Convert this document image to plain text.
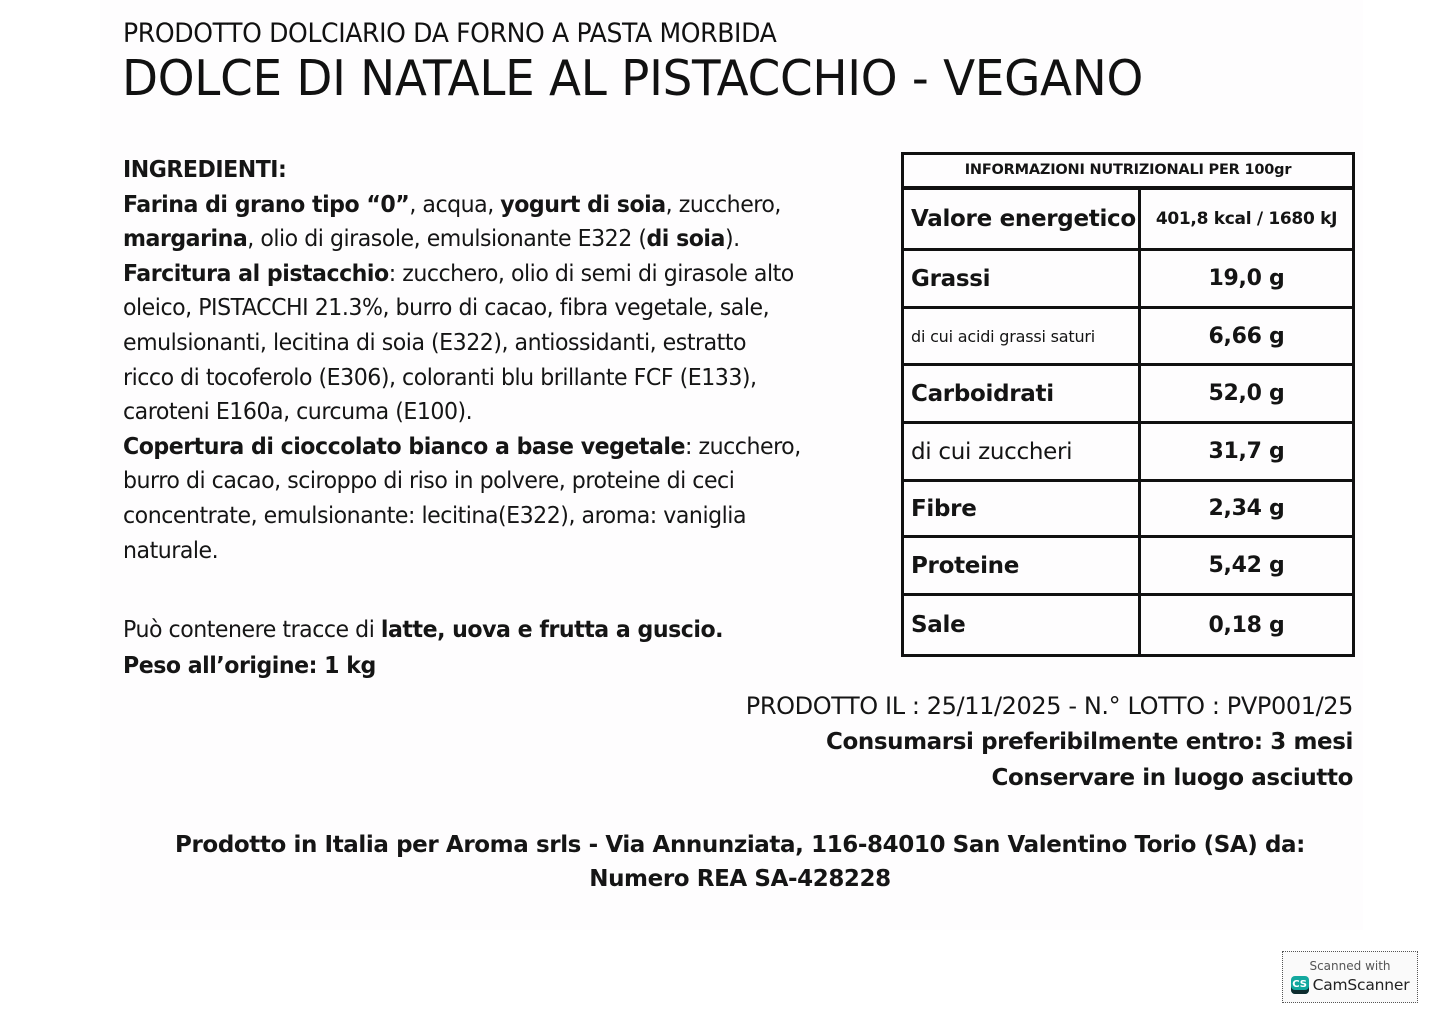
PRODOTTO DOLCIARIO DA FORNO A PASTA MORBIDA
DOLCE DI NATALE AL PISTACCHIO - VEGANO
INGREDIENTI:
Farina di grano tipo “0”, acqua, yogurt di soia, zucchero,
margarina, olio di girasole, emulsionante E322 (di soia).
Farcitura al pistacchio: zucchero, olio di semi di girasole alto
oleico, PISTACCHI 21.3%, burro di cacao, fibra vegetale, sale,
emulsionanti, lecitina di soia (E322), antiossidanti, estratto
ricco di tocoferolo (E306), coloranti blu brillante FCF (E133),
caroteni E160a, curcuma (E100).
Copertura di cioccolato bianco a base vegetale: zucchero,
burro di cacao, sciroppo di riso in polvere, proteine di ceci
concentrate, emulsionante: lecitina(E322), aroma: vaniglia
naturale.
Può contenere tracce di latte, uova e frutta a guscio.
Peso all’origine: 1 kg
INFORMAZIONI NUTRIZIONALI PER 100gr
Valore energetico	401,8 kcal / 1680 kJ
Grassi	19,0 g
di cui acidi grassi saturi	6,66 g
Carboidrati	52,0 g
di cui zuccheri	31,7 g
Fibre	2,34 g
Proteine	5,42 g
Sale	0,18 g
PRODOTTO IL : 25/11/2025 - N.° LOTTO : PVP001/25
Consumarsi preferibilmente entro: 3 mesi
Conservare in luogo asciutto
Prodotto in Italia per Aroma srls - Via Annunziata, 116-84010 San Valentino Torio (SA) da:
Numero REA SA-428228
Scanned with
CS CamScanner
